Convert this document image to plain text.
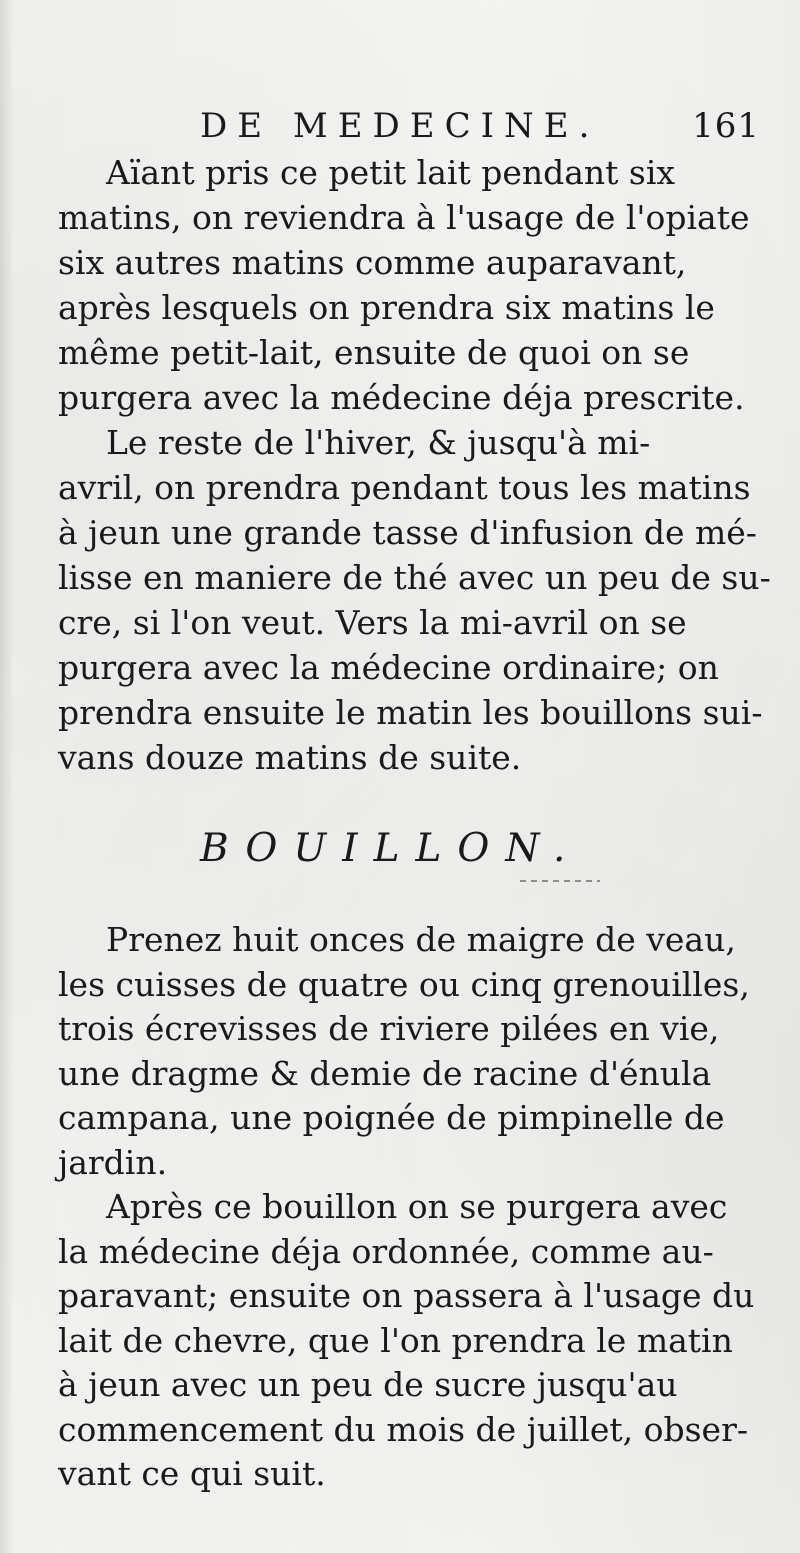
DE MEDECINE.	161
Aïant pris ce petit lait pendant six
matins, on reviendra à l'usage de l'opiate
six autres matins comme auparavant,
après lesquels on prendra six matins le
même petit-lait, ensuite de quoi on se
purgera avec la médecine déja prescrite.
Le reste de l'hiver, & jusqu'à mi-
avril, on prendra pendant tous les matins
à jeun une grande tasse d'infusion de mé-
lisse en maniere de thé avec un peu de su-
cre, si l'on veut. Vers la mi-avril on se
purgera avec la médecine ordinaire; on
prendra ensuite le matin les bouillons sui-
vans douze matins de suite.
BOUILLON.
Prenez huit onces de maigre de veau,
les cuisses de quatre ou cinq grenouilles,
trois écrevisses de riviere pilées en vie,
une dragme & demie de racine d'énula
campana, une poignée de pimpinelle de
jardin.
Après ce bouillon on se purgera avec
la médecine déja ordonnée, comme au-
paravant; ensuite on passera à l'usage du
lait de chevre, que l'on prendra le matin
à jeun avec un peu de sucre jusqu'au
commencement du mois de juillet, obser-
vant ce qui suit.
